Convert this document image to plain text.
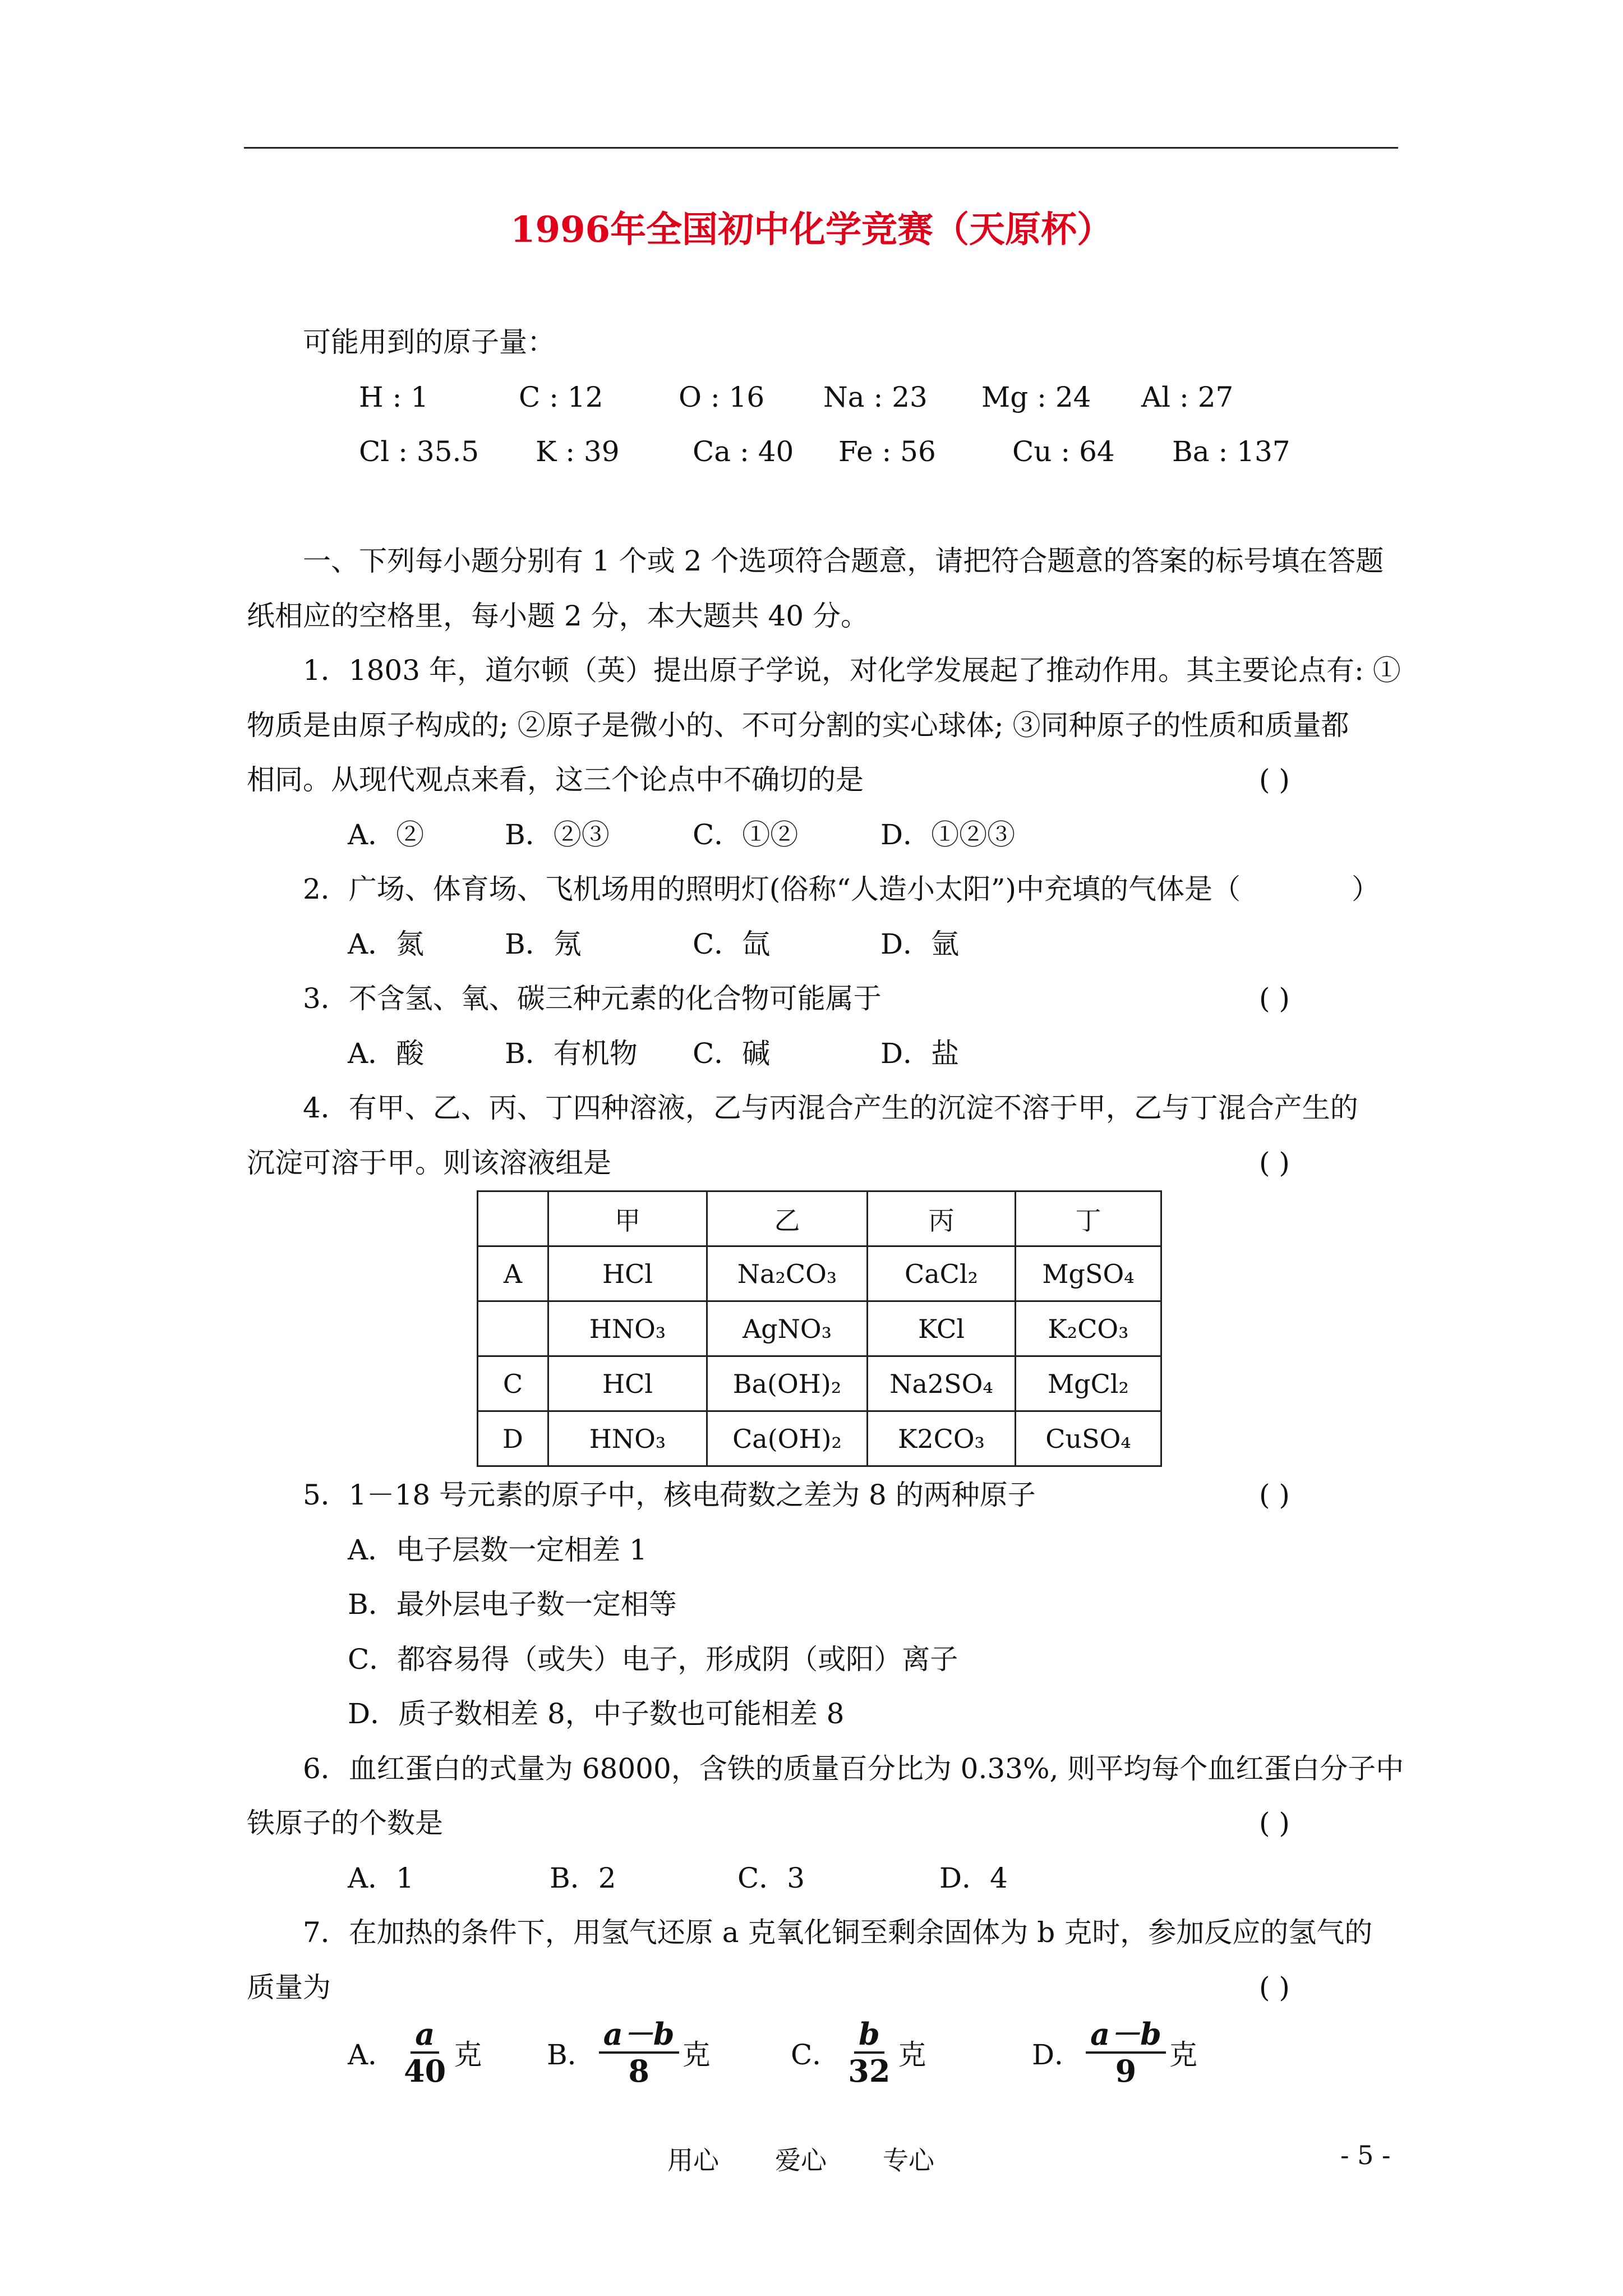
1996年全国初中化学竞赛（天原杯）
可能用到的原子量：
H : 1	C : 12	O : 16 Na : 23 Mg : 24 Al : 27
Cl : 35.5 K : 39	Ca : 40 Fe : 56	Cu : 64 Ba : 137
一、下列每小题分别有 1 个或 2 个选项符合题意，请把符合题意的答案的标号填在答题
纸相应的空格里，每小题 2 分，本大题共 40 分。
1．1803 年，道尔顿（英）提出原子学说，对化学发展起了推动作用。其主要论点有: ①
物质是由原子构成的; ②原子是微小的、不可分割的实心球体; ③同种原子的性质和质量都
相同。从现代观点来看，这三个论点中不确切的是	( )
A．②	B．②③	C．①②	D．①②③
2．广场、体育场、飞机场用的照明灯(俗称“人造小太阳”)中充填的气体是（	）
A．氮	B．氖	C．氙	D．氩
3．不含氢、氧、碳三种元素的化合物可能属于	( )
A．酸	B．有机物 C．碱	D．盐
4．有甲、乙、丙、丁四种溶液，乙与丙混合产生的沉淀不溶于甲，乙与丁混合产生的
沉淀可溶于甲。则该溶液组是	( )
	甲	乙	丙	丁
A	HCl	Na₂CO₃	CaCl₂	MgSO₄
	HNO₃	AgNO₃	KCl	K₂CO₃
C	HCl	Ba(OH)₂	Na2SO₄	MgCl₂
D	HNO₃	Ca(OH)₂	K2CO₃	CuSO₄
5．1－18 号元素的原子中，核电荷数之差为 8 的两种原子	( )
A．电子层数一定相差 1
B．最外层电子数一定相等
C．都容易得（或失）电子，形成阴（或阳）离子
D．质子数相差 8，中子数也可能相差 8
6．血红蛋白的式量为 68000，含铁的质量百分比为 0.33%, 则平均每个血红蛋白分子中
铁原子的个数是	( )
A．1	B．2	C．3	D．4
7．在加热的条件下，用氢气还原 a 克氧化铜至剩余固体为 b 克时，参加反应的氢气的
质量为	( )
A． $\frac{a}{40}$ 克 B． $\frac{a-b}{8}$ 克	C． $\frac{b}{32}$ 克	D． $\frac{a-b}{9}$ 克
用心 爱心 专心	- 5 -
